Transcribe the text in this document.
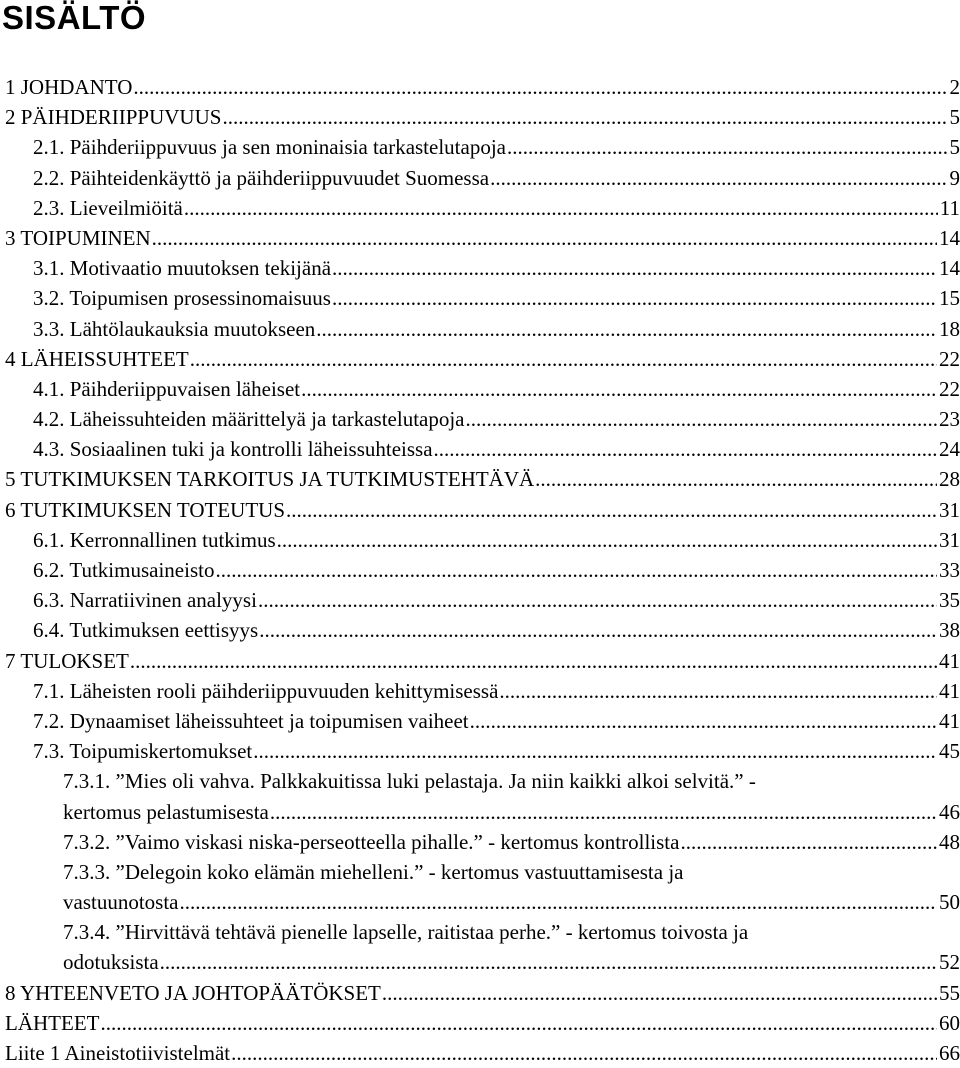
SISÄLTÖ
1 JOHDANTO .....	2
2 PÄIHDERIIPPUVUUS .....	5
2.1. Päihderiippuvuus ja sen moninaisia tarkastelutapoja .....	5
2.2. Päihteidenkäyttö ja päihderiippuvuudet Suomessa .....	9
2.3. Lieveilmiöitä .....	11
3 TOIPUMINEN .....	14
3.1. Motivaatio muutoksen tekijänä .....	14
3.2. Toipumisen prosessinomaisuus .....	15
3.3. Lähtölaukauksia muutokseen .....	18
4 LÄHEISSUHTEET .....	22
4.1. Päihderiippuvaisen läheiset .....	22
4.2. Läheissuhteiden määrittelyä ja tarkastelutapoja .....	23
4.3. Sosiaalinen tuki ja kontrolli läheissuhteissa .....	24
5 TUTKIMUKSEN TARKOITUS JA TUTKIMUSTEHTÄVÄ .....	28
6 TUTKIMUKSEN TOTEUTUS .....	31
6.1. Kerronnallinen tutkimus .....	31
6.2. Tutkimusaineisto .....	33
6.3. Narratiivinen analyysi .....	35
6.4. Tutkimuksen eettisyys .....	38
7 TULOKSET .....	41
7.1. Läheisten rooli päihderiippuvuuden kehittymisessä .....	41
7.2. Dynaamiset läheissuhteet ja toipumisen vaiheet .....	41
7.3. Toipumiskertomukset .....	45
7.3.1. ”Mies oli vahva. Palkkakuitissa luki pelastaja. Ja niin kaikki alkoi selvitä.” -
kertomus pelastumisesta .....	46
7.3.2. ”Vaimo viskasi niska-perseotteella pihalle.” - kertomus kontrollista .....	48
7.3.3. ”Delegoin koko elämän miehelleni.” - kertomus vastuuttamisesta ja
vastuunotosta .....	50
7.3.4. ”Hirvittävä tehtävä pienelle lapselle, raitistaa perhe.” - kertomus toivosta ja
odotuksista .....	52
8 YHTEENVETO JA JOHTOPÄÄTÖKSET .....	55
LÄHTEET .....	60
Liite 1 Aineistotiivistelmät .....	66
